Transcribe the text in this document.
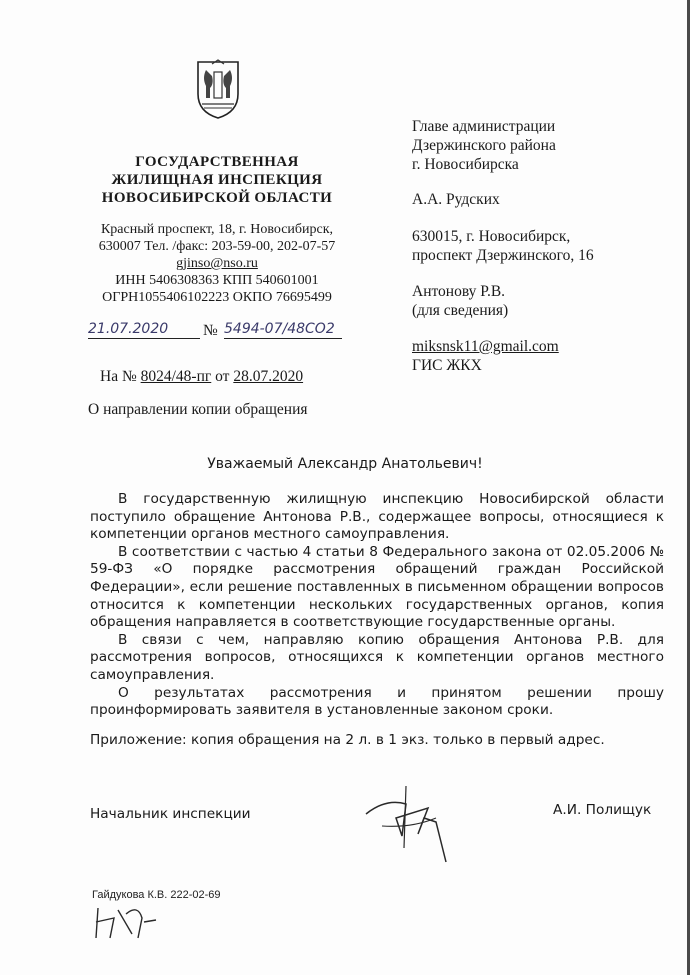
ГОСУДАРСТВЕННАЯ
ЖИЛИЩНАЯ ИНСПЕКЦИЯ
НОВОСИБИРСКОЙ ОБЛАСТИ
Красный проспект, 18, г. Новосибирск,
630007 Тел. /факс: 203-59-00, 202-07-57
gjinso@nso.ru
ИНН 5406308363 КПП 540601001
ОГРН1055406102223 ОКПО 76695499
21.07.2020	№ 5494-07/48СО2
На № 8024/48-пг от 28.07.2020
О направлении копии обращения
Главе администрации
Дзержинского района
г. Новосибирска
А.А. Рудских
630015, г. Новосибирск,
проспект Дзержинского, 16
Антонову Р.В.
(для сведения)
miksnsk11@gmail.com
ГИС ЖКХ
Уважаемый Александр Анатольевич!

В государственную жилищную инспекцию Новосибирской области поступило обращение Антонова Р.В., содержащее вопросы, относящиеся к компетенции органов местного самоуправления.

В соответствии с частью 4 статьи 8 Федерального закона от 02.05.2006 № 59-ФЗ «О порядке рассмотрения обращений граждан Российской Федерации», если решение поставленных в письменном обращении вопросов относится к компетенции нескольких государственных органов, копия обращения направляется в соответствующие государственные органы.

В связи с чем, направляю копию обращения Антонова Р.В. для рассмотрения вопросов, относящихся к компетенции органов местного самоуправления.

О результатах рассмотрения и принятом решении прошу проинформировать заявителя в установленные законом сроки.

Приложение: копия обращения на 2 л. в 1 экз. только в первый адрес.
Начальник инспекции	А.И. Полищук
Гайдукова К.В. 222-02-69
